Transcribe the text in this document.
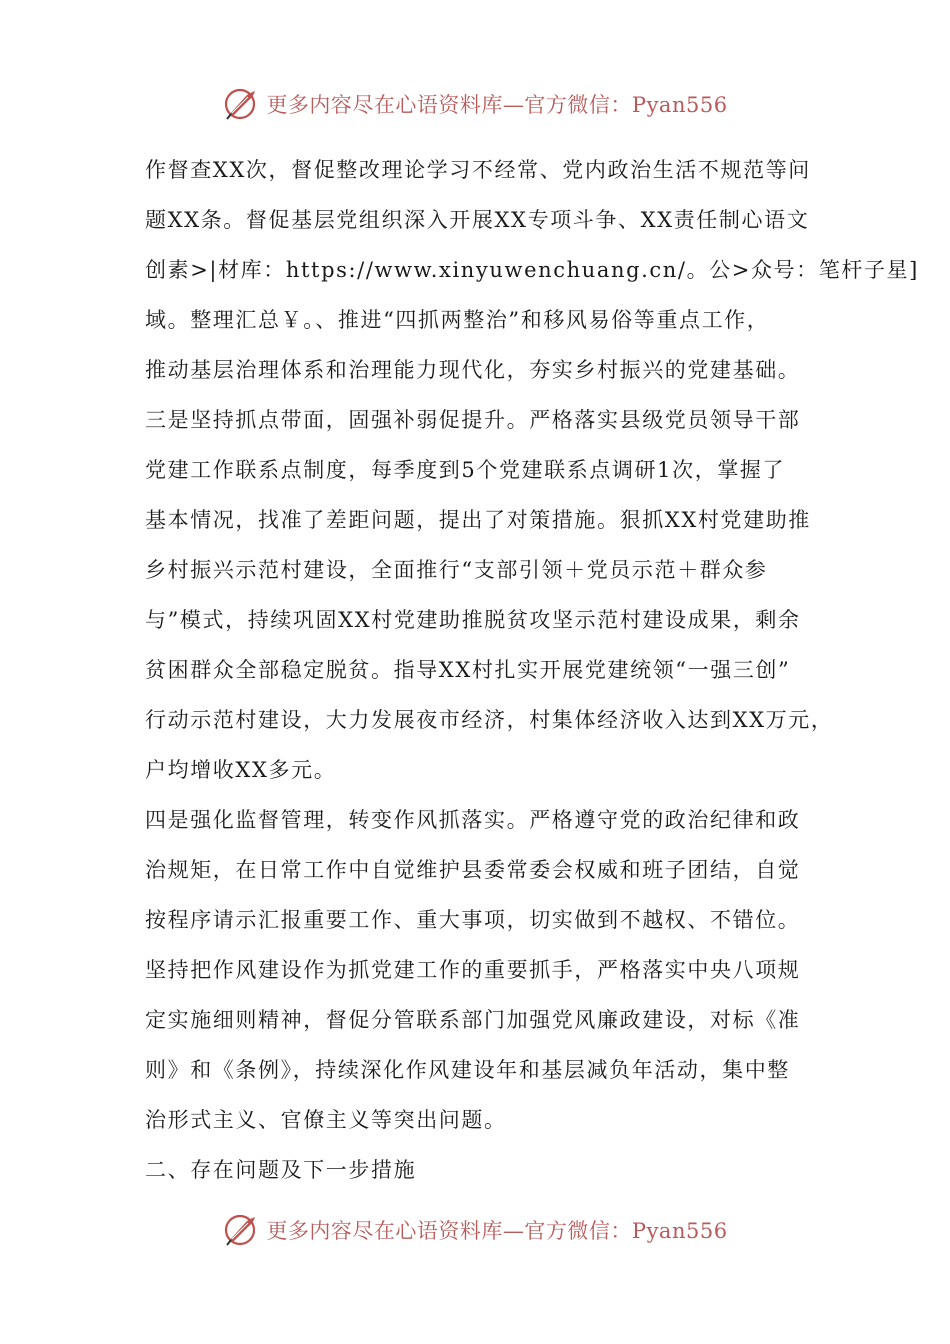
更多内容尽在心语资料库—官方微信：Pyan556
作督查XX次，督促整改理论学习不经常、党内政治生活不规范等问
题XX条。督促基层党组织深入开展XX专项斗争、XX责任制心语文
创素>|材库：https://www.xinyuwenchuang.cn/。公>众号：笔杆子星]
域。整理汇总￥。、推进“四抓两整治”和移风易俗等重点工作，
推动基层治理体系和治理能力现代化，夯实乡村振兴的党建基础。
三是坚持抓点带面，固强补弱促提升。严格落实县级党员领导干部
党建工作联系点制度，每季度到5个党建联系点调研1次，掌握了
基本情况，找准了差距问题，提出了对策措施。狠抓XX村党建助推
乡村振兴示范村建设，全面推行“支部引领＋党员示范＋群众参
与”模式，持续巩固XX村党建助推脱贫攻坚示范村建设成果，剩余
贫困群众全部稳定脱贫。指导XX村扎实开展党建统领“一强三创”
行动示范村建设，大力发展夜市经济，村集体经济收入达到XX万元，
户均增收XX多元。
四是强化监督管理，转变作风抓落实。严格遵守党的政治纪律和政
治规矩，在日常工作中自觉维护县委常委会权威和班子团结，自觉
按程序请示汇报重要工作、重大事项，切实做到不越权、不错位。
坚持把作风建设作为抓党建工作的重要抓手，严格落实中央八项规
定实施细则精神，督促分管联系部门加强党风廉政建设，对标《准
则》和《条例》，持续深化作风建设年和基层减负年活动，集中整
治形式主义、官僚主义等突出问题。
二、存在问题及下一步措施
更多内容尽在心语资料库—官方微信：Pyan556
